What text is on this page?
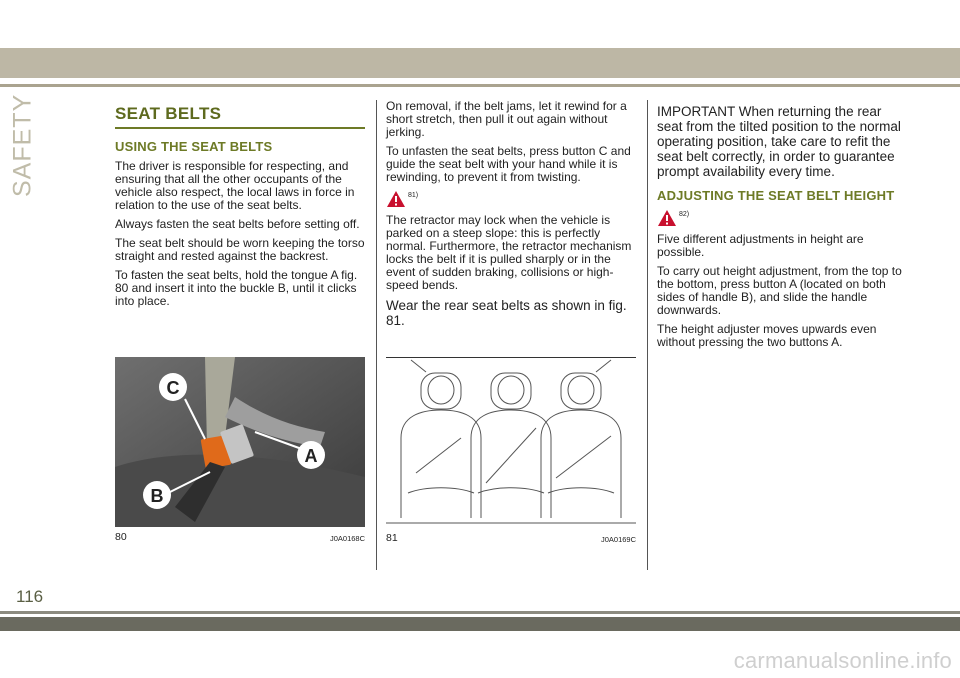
SAFETY	SEAT BELTS
USING THE SEAT BELTS

The driver is responsible for respecting, and ensuring that all the other occupants of the vehicle also respect, the local laws in force in relation to the use of the seat belts.

Always fasten the seat belts before setting off.

The seat belt should be worn keeping the torso straight and rested against the backrest.

To fasten the seat belts, hold the tongue A fig. 80 and insert it into the buckle B, until it clicks into place.

On removal, if the belt jams, let it rewind for a short stretch, then pull it out again without jerking.

To unfasten the seat belts, press button C and guide the seat belt with your hand while it is rewinding, to prevent it from twisting.

81)

The retractor may lock when the vehicle is parked on a steep slope: this is perfectly normal. Furthermore, the retractor mechanism locks the belt if it is pulled sharply or in the event of sudden braking, collisions or high-speed bends.

Wear the rear seat belts as shown in fig. 81.

IMPORTANT When returning the rear seat from the tilted position to the normal operating position, take care to refit the seat belt correctly, in order to guarantee prompt availability every time.

ADJUSTING THE SEAT BELT HEIGHT
82)

Five different adjustments in height are possible.

To carry out height adjustment, from the top to the bottom, press button A (located on both sides of handle B), and slide the handle downwards.

The height adjuster moves upwards even without pressing the two buttons A.

C
A
B
80	J0A0168C 81	J0A0169C
116
carmanualsonline.info
